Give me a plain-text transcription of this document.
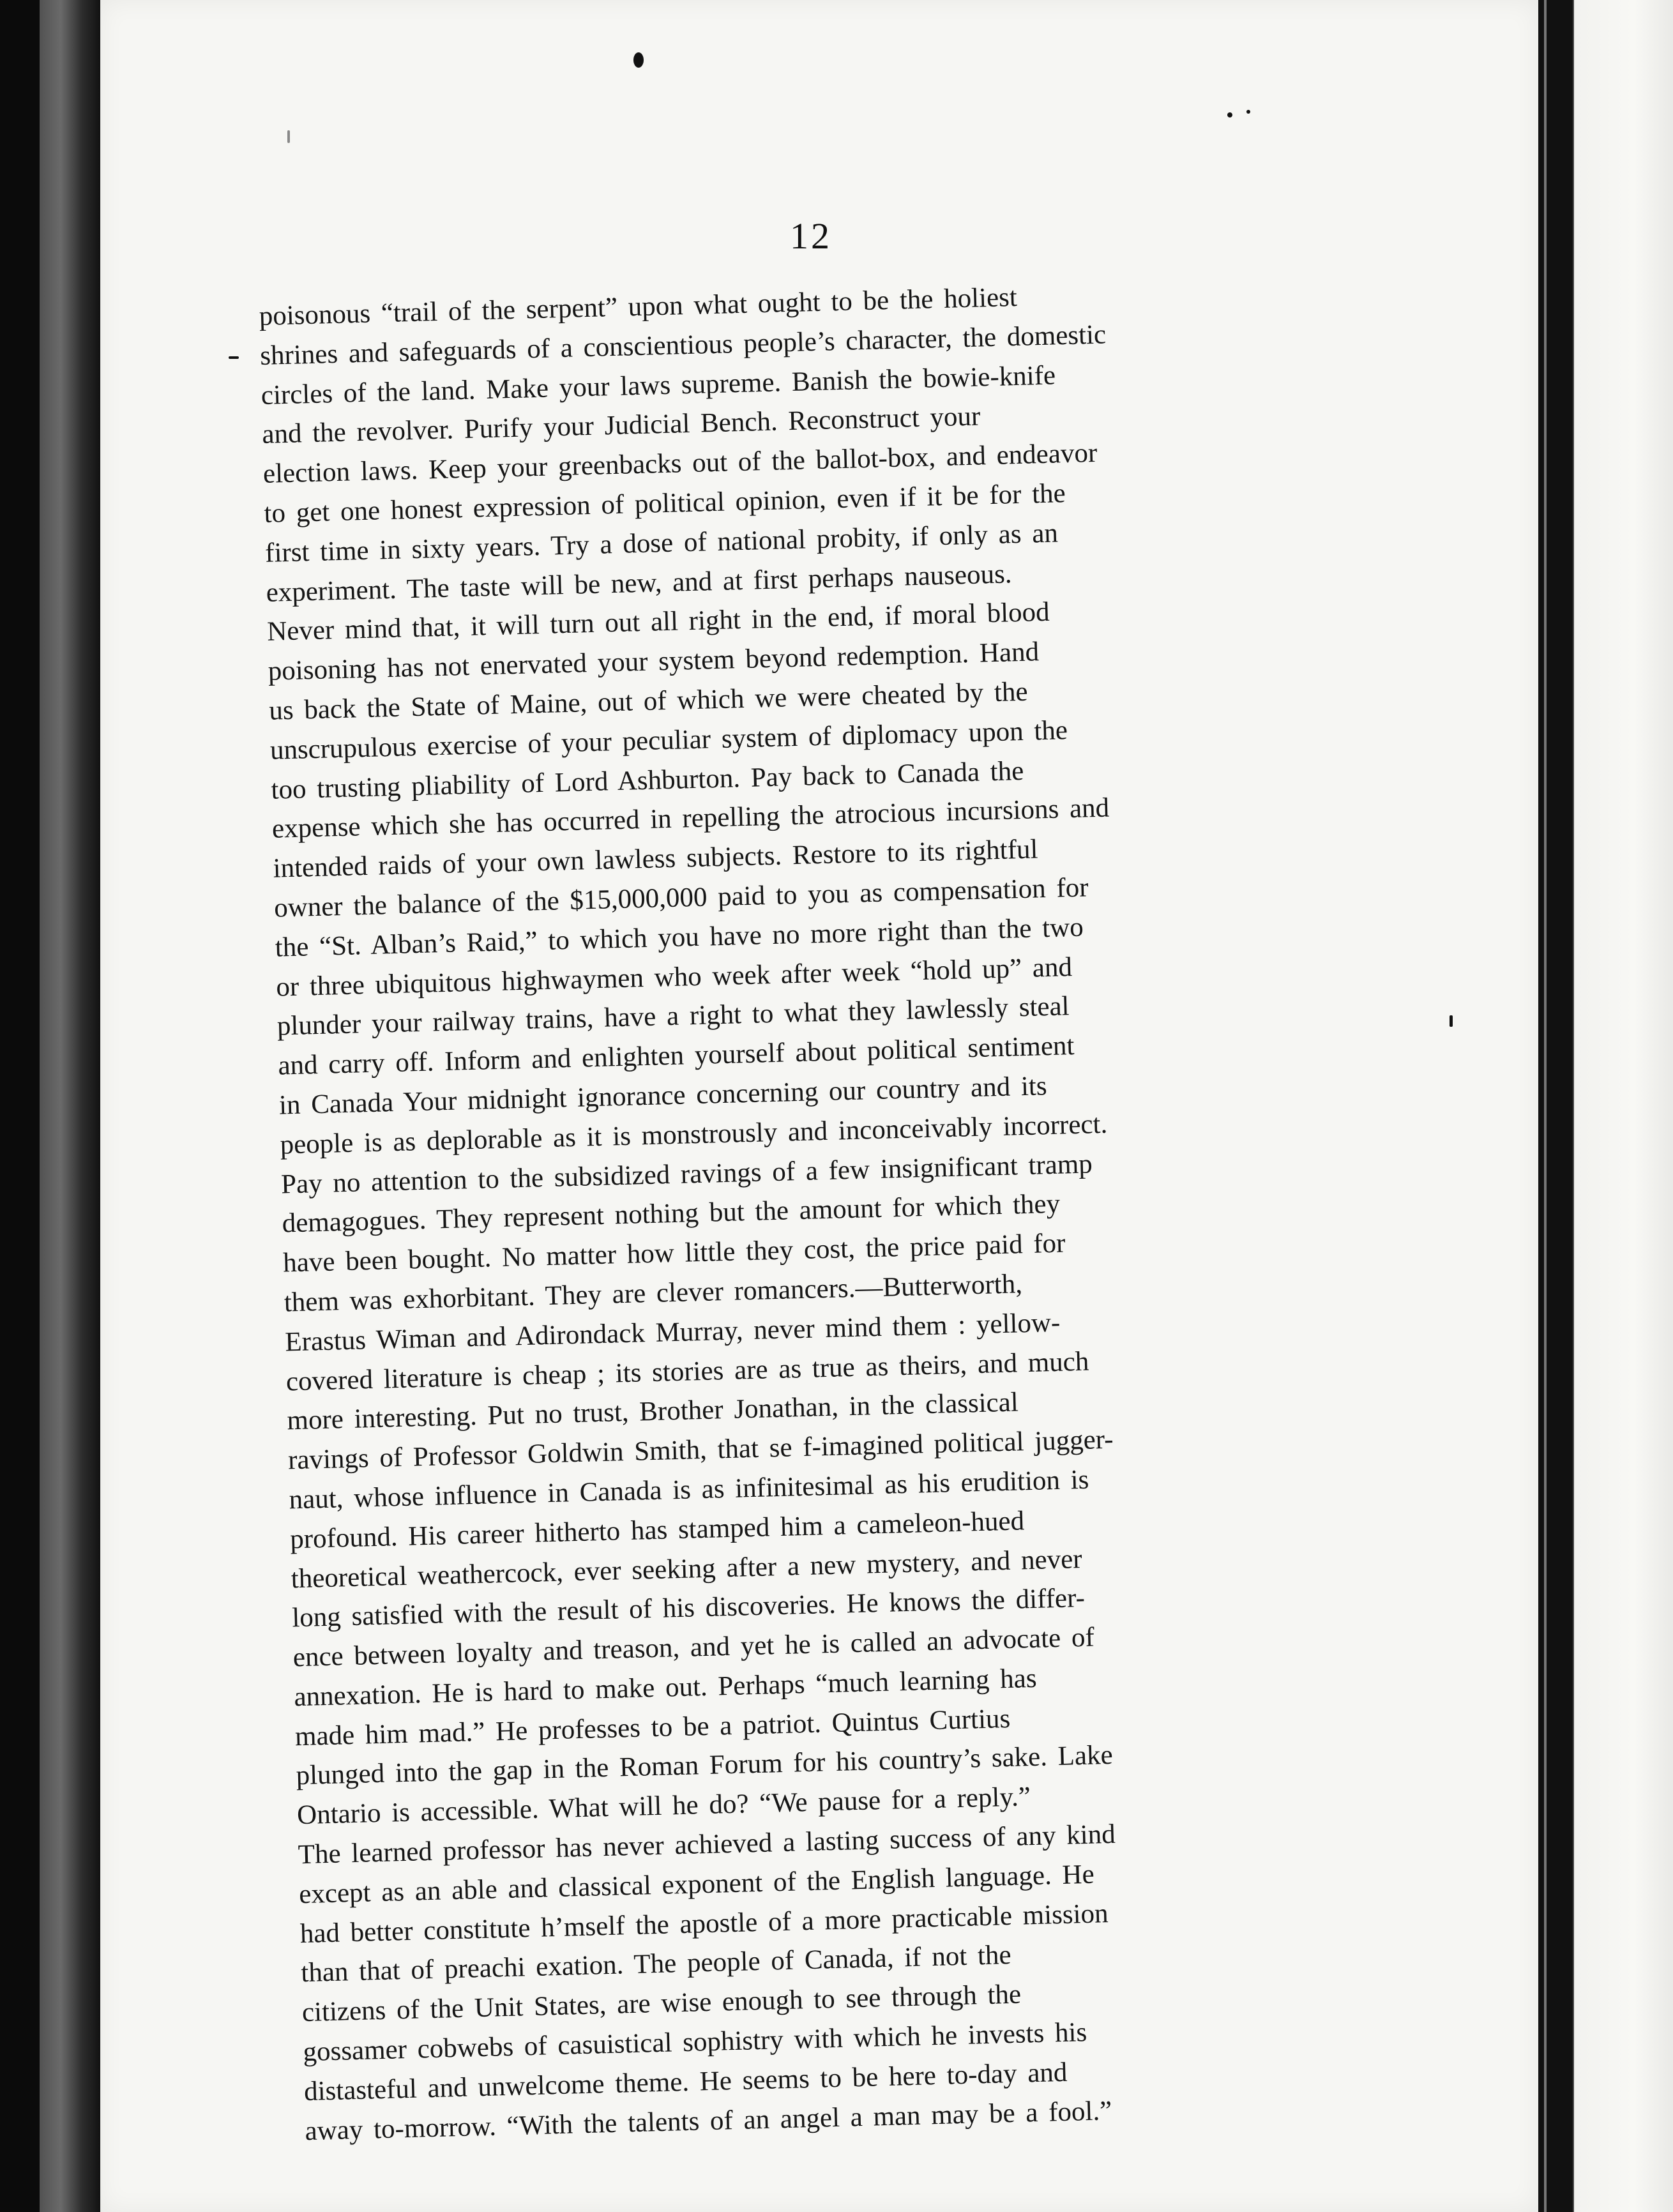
12
poisonous “trail of the serpent” upon what ought to be the holiest
shrines and safeguards of a conscientious people’s character, the domestic
circles of the land. Make your laws supreme. Banish the bowie-knife
and the revolver. Purify your Judicial Bench. Reconstruct your
election laws. Keep your greenbacks out of the ballot-box, and endeavor
to get one honest expression of political opinion, even if it be for the
first time in sixty years. Try a dose of national probity, if only as an
experiment. The taste will be new, and at first perhaps nauseous.
Never mind that, it will turn out all right in the end, if moral blood
poisoning has not enervated your system beyond redemption. Hand
us back the State of Maine, out of which we were cheated by the
unscrupulous exercise of your peculiar system of diplomacy upon the
too trusting pliability of Lord Ashburton. Pay back to Canada the
expense which she has occurred in repelling the atrocious incursions and
intended raids of your own lawless subjects. Restore to its rightful
owner the balance of the $15,000,000 paid to you as compensation for
the “St. Alban’s Raid,” to which you have no more right than the two
or three ubiquitous highwaymen who week after week “hold up” and
plunder your railway trains, have a right to what they lawlessly steal
and carry off. Inform and enlighten yourself about political sentiment
in Canada Your midnight ignorance concerning our country and its
people is as deplorable as it is monstrously and inconceivably incorrect.
Pay no attention to the subsidized ravings of a few insignificant tramp
demagogues. They represent nothing but the amount for which they
have been bought. No matter how little they cost, the price paid for
them was exhorbitant. They are clever romancers.—Butterworth,
Erastus Wiman and Adirondack Murray, never mind them : yellow-
covered literature is cheap ; its stories are as true as theirs, and much
more interesting. Put no trust, Brother Jonathan, in the classical
ravings of Professor Goldwin Smith, that se f-imagined political jugger-
naut, whose influence in Canada is as infinitesimal as his erudition is
profound. His career hitherto has stamped him a cameleon-hued
theoretical weathercock, ever seeking after a new mystery, and never
long satisfied with the result of his discoveries. He knows the differ-
ence between loyalty and treason, and yet he is called an advocate of
annexation. He is hard to make out. Perhaps “much learning has
made him mad.” He professes to be a patriot. Quintus Curtius
plunged into the gap in the Roman Forum for his country’s sake. Lake
Ontario is accessible. What will he do? “We pause for a reply.”
The learned professor has never achieved a lasting success of any kind
except as an able and classical exponent of the English language. He
had better constitute h’mself the apostle of a more practicable mission
than that of preachi exation. The people of Canada, if not the
citizens of the Unit States, are wise enough to see through the
gossamer cobwebs of casuistical sophistry with which he invests his
distasteful and unwelcome theme. He seems to be here to-day and
away to-morrow. “With the talents of an angel a man may be a fool.”
